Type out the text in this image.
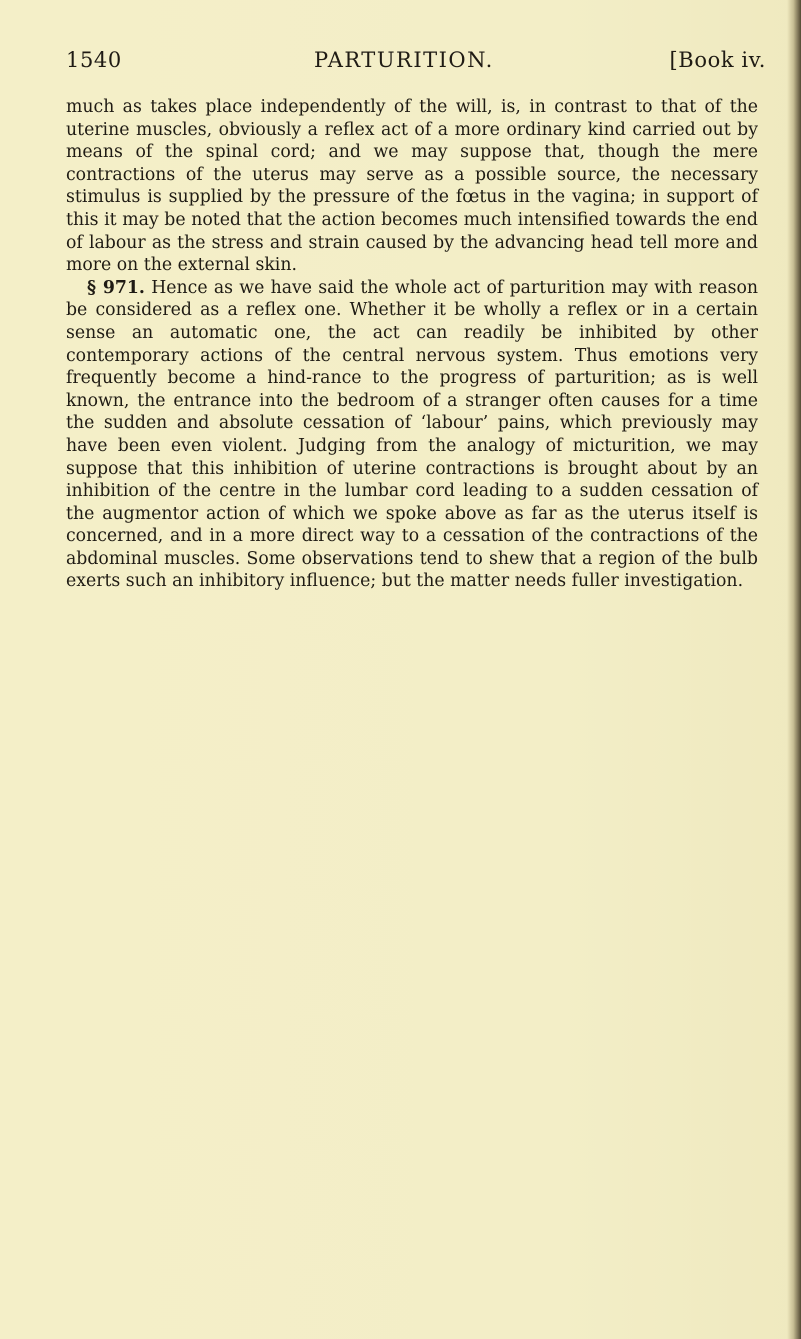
1540	PARTURITION.	[Book iv.

much as takes place independently of the will, is, in contrast to that of the uterine muscles, obviously a reflex act of a more ordinary kind carried out by means of the spinal cord; and we may suppose that, though the mere contractions of the uterus may serve as a possible source, the necessary stimulus is supplied by the pressure of the fœtus in the vagina; in support of this it may be noted that the action becomes much intensified towards the end of labour as the stress and strain caused by the advancing head tell more and more on the external skin.

§ 971. Hence as we have said the whole act of parturition may with reason be considered as a reflex one. Whether it be wholly a reflex or in a certain sense an automatic one, the act can readily be inhibited by other contemporary actions of the central nervous system. Thus emotions very frequently become a hind-rance to the progress of parturition; as is well known, the entrance into the bedroom of a stranger often causes for a time the sudden and absolute cessation of ‘labour’ pains, which previously may have been even violent. Judging from the analogy of micturition, we may suppose that this inhibition of uterine contractions is brought about by an inhibition of the centre in the lumbar cord leading to a sudden cessation of the augmentor action of which we spoke above as far as the uterus itself is concerned, and in a more direct way to a cessation of the contractions of the abdominal muscles. Some observations tend to shew that a region of the bulb exerts such an inhibitory influence; but the matter needs fuller investigation.
